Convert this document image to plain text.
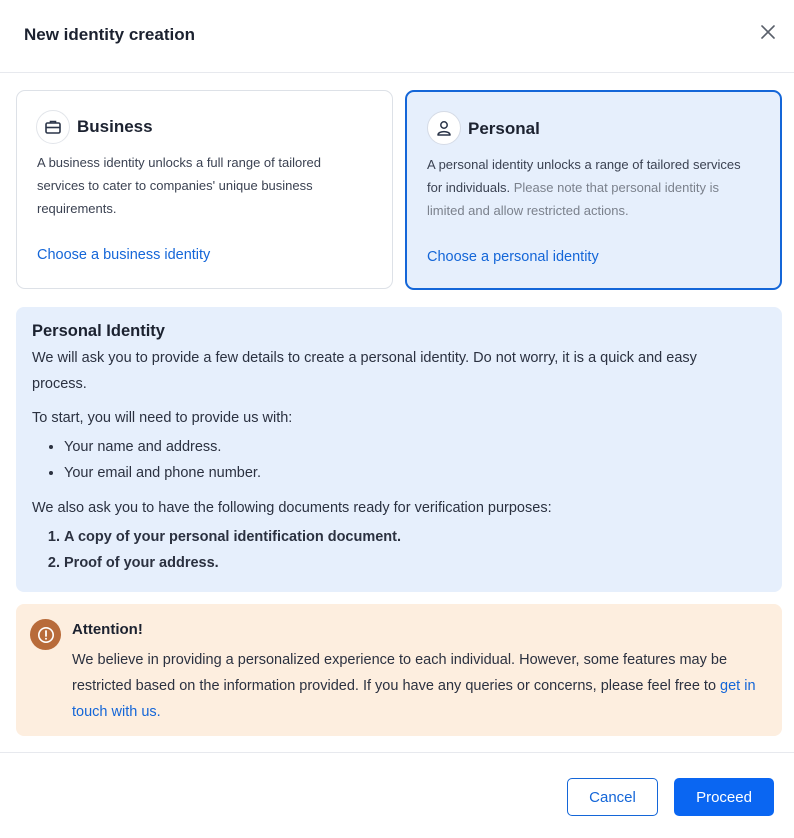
New identity creation
Business
A business identity unlocks a full range of tailored services to cater to companies' unique business requirements.
Choose a business identity
Personal
A personal identity unlocks a range of tailored services for individuals. Please note that personal identity is limited and allow restricted actions.
Choose a personal identity
Personal Identity
We will ask you to provide a few details to create a personal identity. Do not worry, it is a quick and easy process.
To start, you will need to provide us with:
• Your name and address.
• Your email and phone number.
We also ask you to have the following documents ready for verification purposes:
1. A copy of your personal identification document.
2. Proof of your address.
Attention!
We believe in providing a personalized experience to each individual. However, some features may be restricted based on the information provided. If you have any queries or concerns, please feel free to get in touch with us.
Cancel	Proceed
